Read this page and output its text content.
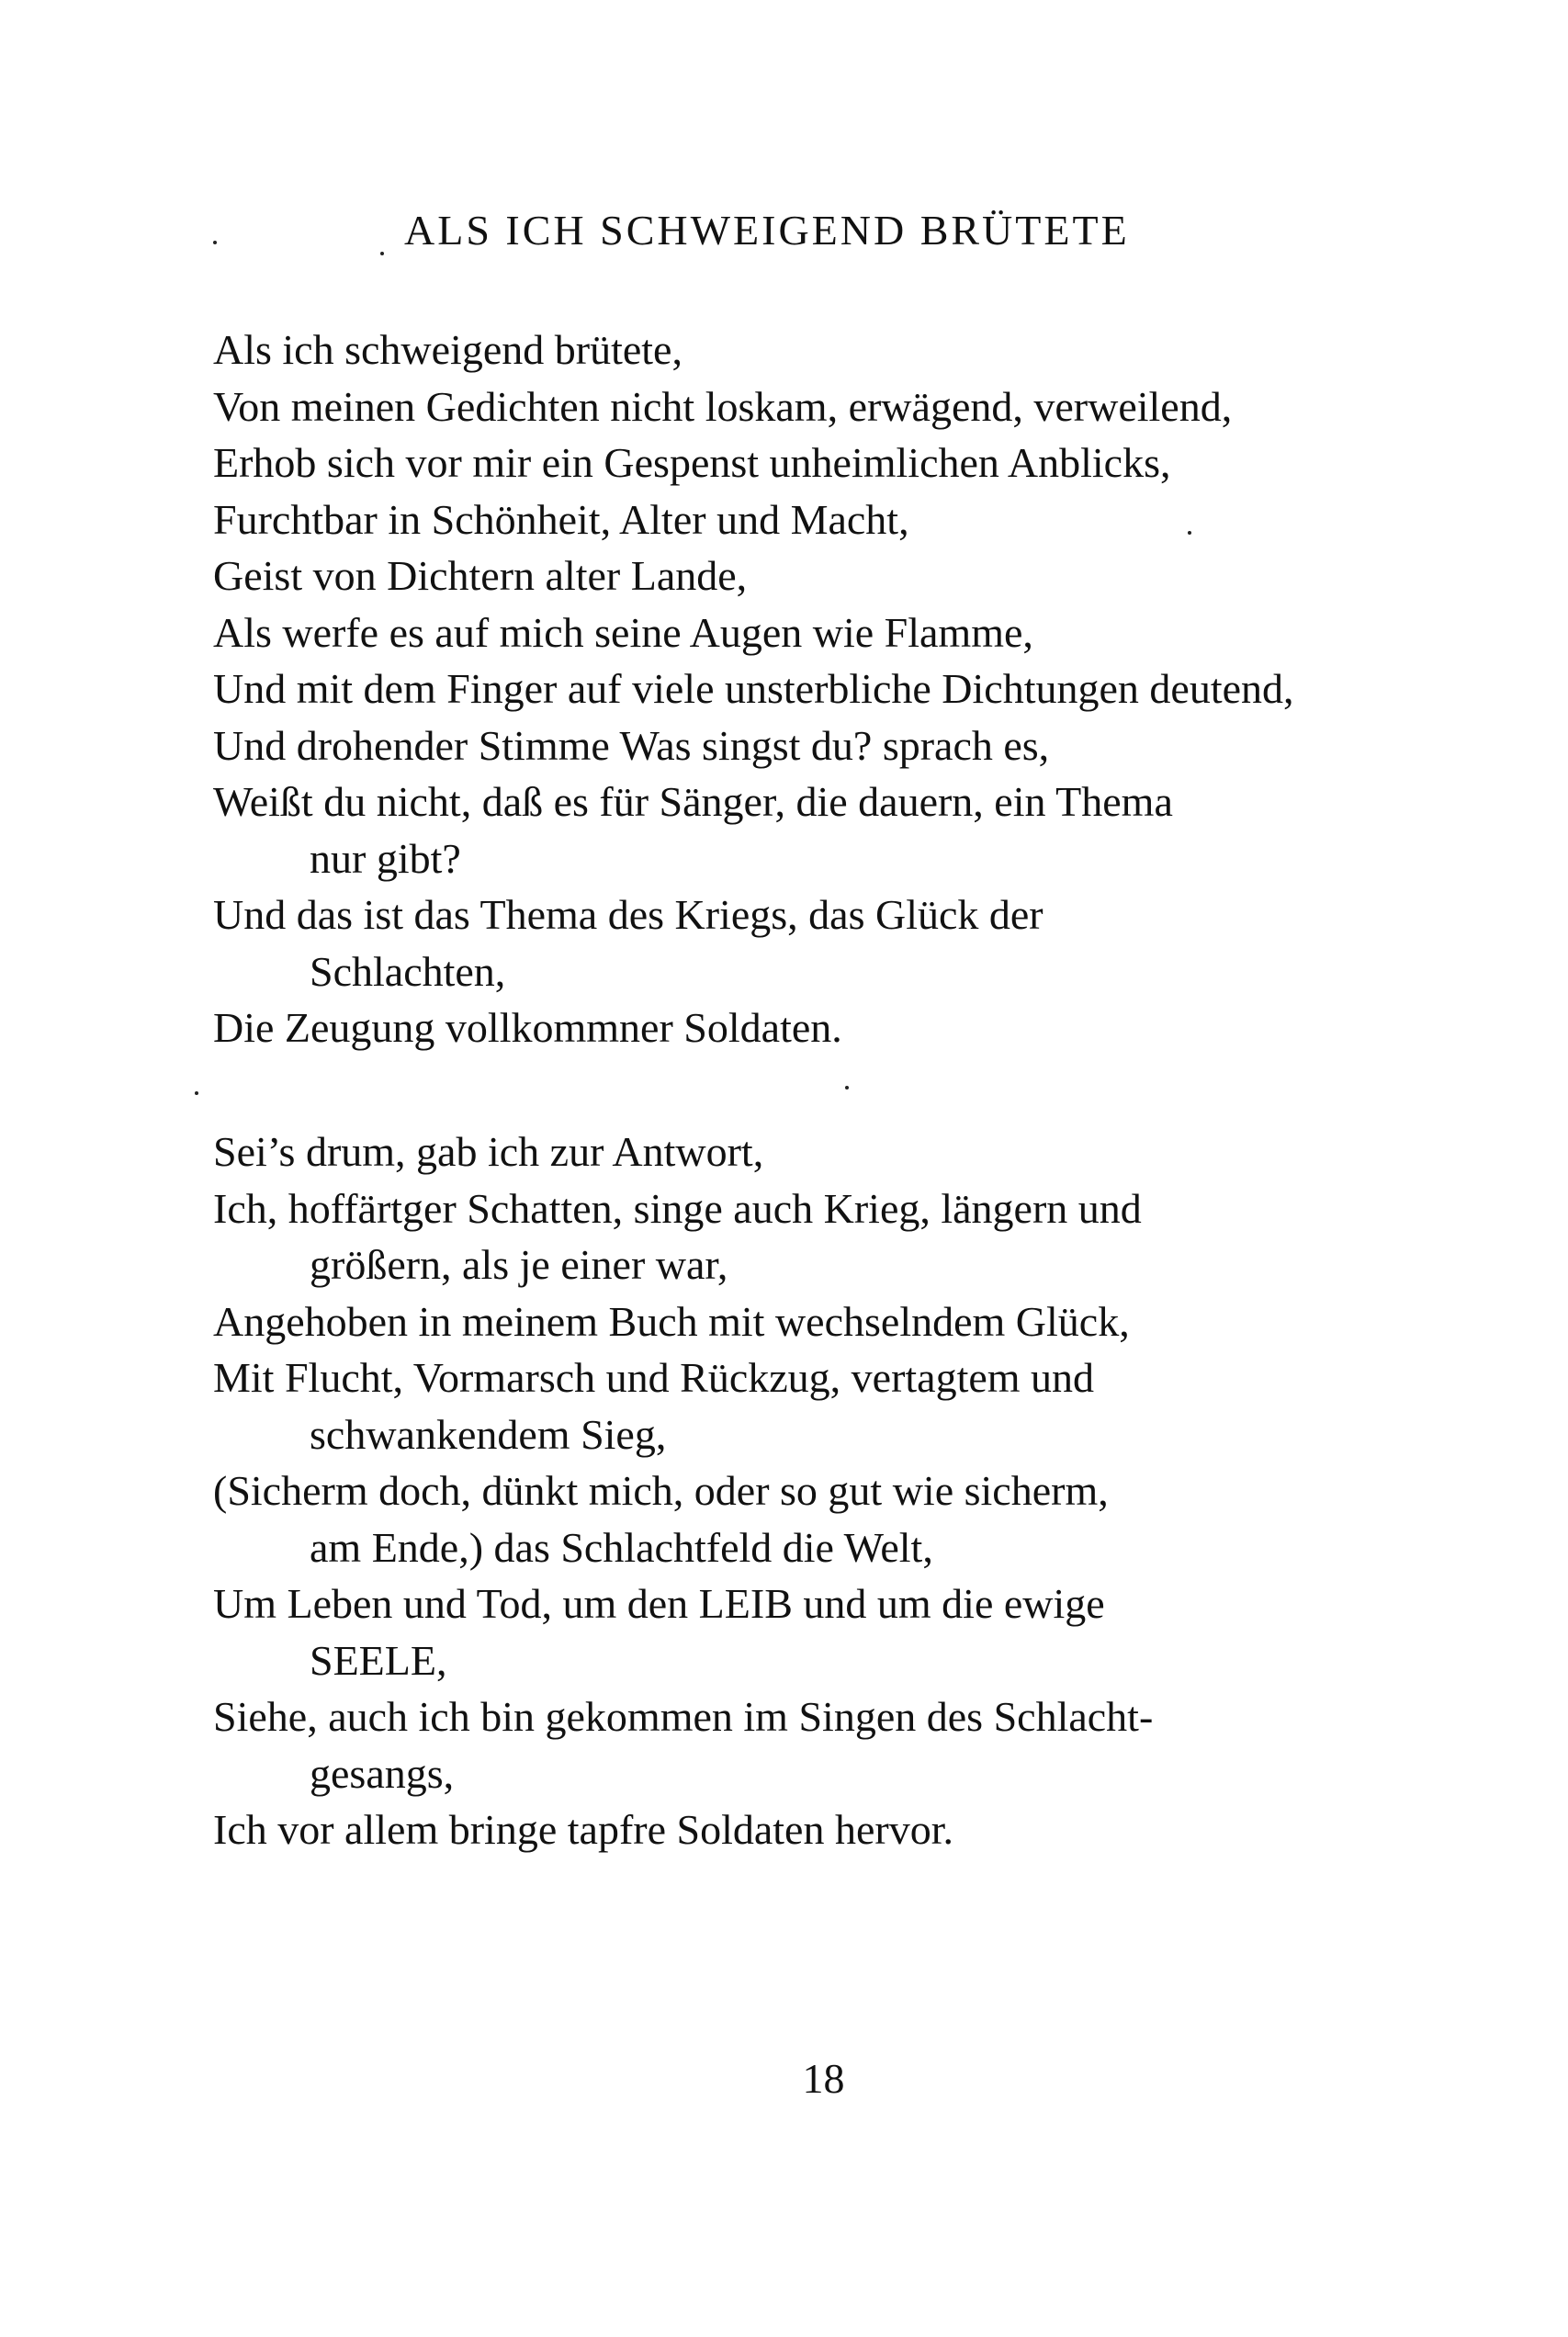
ALS ICH SCHWEIGEND BRÜTETE
Als ich schweigend brütete,
Von meinen Gedichten nicht loskam, erwägend, verweilend,
Erhob sich vor mir ein Gespenst unheimlichen Anblicks,
Furchtbar in Schönheit, Alter und Macht,
Geist von Dichtern alter Lande,
Als werfe es auf mich seine Augen wie Flamme,
Und mit dem Finger auf viele unsterbliche Dichtungen deutend,
Und drohender Stimme Was singst du? sprach es,
Weißt du nicht, daß es für Sänger, die dauern, ein Thema
nur gibt?
Und das ist das Thema des Kriegs, das Glück der
Schlachten,
Die Zeugung vollkommner Soldaten.
Sei’s drum, gab ich zur Antwort,
Ich, hoffärtger Schatten, singe auch Krieg, längern und
größern, als je einer war,
Angehoben in meinem Buch mit wechselndem Glück,
Mit Flucht, Vormarsch und Rückzug, vertagtem und
schwankendem Sieg,
(Sicherm doch, dünkt mich, oder so gut wie sicherm,
am Ende,) das Schlachtfeld die Welt,
Um Leben und Tod, um den LEIB und um die ewige
SEELE,
Siehe, auch ich bin gekommen im Singen des Schlacht-
gesangs,
Ich vor allem bringe tapfre Soldaten hervor.
18
